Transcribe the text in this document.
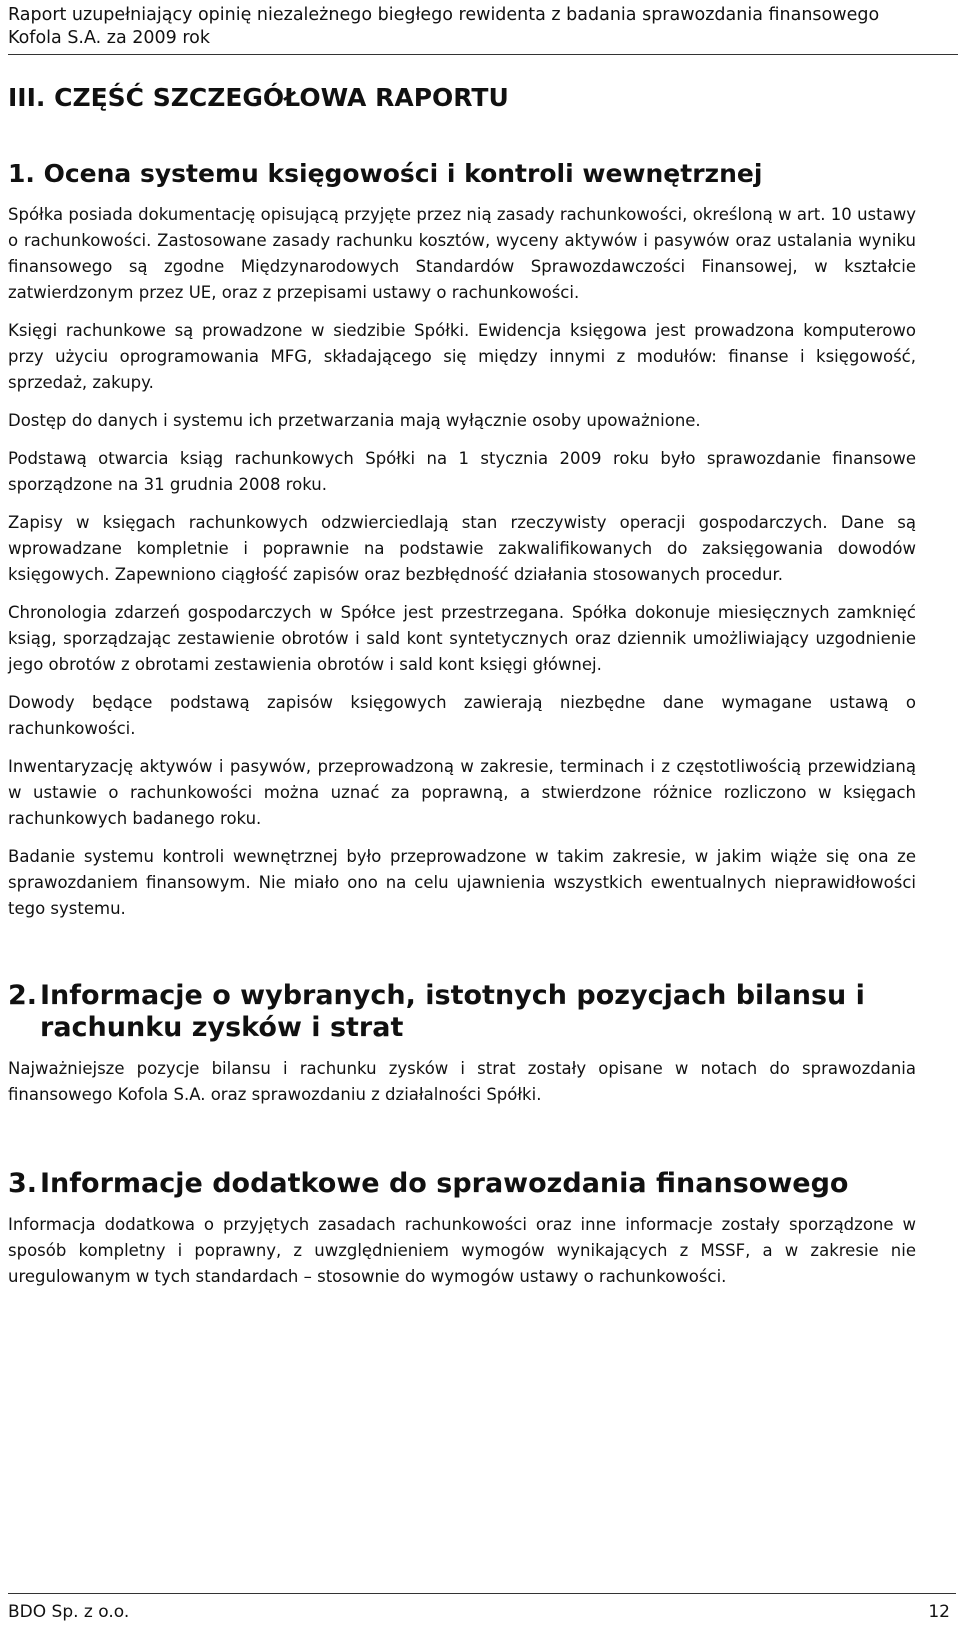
Raport uzupełniający opinię niezależnego biegłego rewidenta z badania sprawozdania finansowego
Kofola S.A. za 2009 rok
III. CZĘŚĆ SZCZEGÓŁOWA RAPORTU
1. Ocena systemu księgowości i kontroli wewnętrznej

Spółka posiada dokumentację opisującą przyjęte przez nią zasady rachunkowości, określoną w art. 10 ustawy o rachunkowości. Zastosowane zasady rachunku kosztów, wyceny aktywów i pasywów oraz ustalania wyniku finansowego są zgodne Międzynarodowych Standardów Sprawozdawczości Finansowej, w kształcie zatwierdzonym przez UE, oraz z przepisami ustawy o rachunkowości.

Księgi rachunkowe są prowadzone w siedzibie Spółki. Ewidencja księgowa jest prowadzona komputerowo przy użyciu oprogramowania MFG, składającego się między innymi z modułów: finanse i księgowość, sprzedaż, zakupy.

Dostęp do danych i systemu ich przetwarzania mają wyłącznie osoby upoważnione.

Podstawą otwarcia ksiąg rachunkowych Spółki na 1 stycznia 2009 roku było sprawozdanie finansowe sporządzone na 31 grudnia 2008 roku.

Zapisy w księgach rachunkowych odzwierciedlają stan rzeczywisty operacji gospodarczych. Dane są wprowadzane kompletnie i poprawnie na podstawie zakwalifikowanych do zaksięgowania dowodów księgowych. Zapewniono ciągłość zapisów oraz bezbłędność działania stosowanych procedur.

Chronologia zdarzeń gospodarczych w Spółce jest przestrzegana. Spółka dokonuje miesięcznych zamknięć ksiąg, sporządzając zestawienie obrotów i sald kont syntetycznych oraz dziennik umożliwiający uzgodnienie jego obrotów z obrotami zestawienia obrotów i sald kont księgi głównej.

Dowody będące podstawą zapisów księgowych zawierają niezbędne dane wymagane ustawą o rachunkowości.

Inwentaryzację aktywów i pasywów, przeprowadzoną w zakresie, terminach i z częstotliwością przewidzianą w ustawie o rachunkowości można uznać za poprawną, a stwierdzone różnice rozliczono w księgach rachunkowych badanego roku.

Badanie systemu kontroli wewnętrznej było przeprowadzone w takim zakresie, w jakim wiąże się ona ze sprawozdaniem finansowym. Nie miało ono na celu ujawnienia wszystkich ewentualnych nieprawidłowości tego systemu.

2. Informacje o wybranych, istotnych pozycjach bilansu i rachunku zysków i strat

Najważniejsze pozycje bilansu i rachunku zysków i strat zostały opisane w notach do sprawozdania finansowego Kofola S.A. oraz sprawozdaniu z działalności Spółki.

3. Informacje dodatkowe do sprawozdania finansowego

Informacja dodatkowa o przyjętych zasadach rachunkowości oraz inne informacje zostały sporządzone w sposób kompletny i poprawny, z uwzględnieniem wymogów wynikających z MSSF, a w zakresie nie uregulowanym w tych standardach – stosownie do wymogów ustawy o rachunkowości.

BDO Sp. z o.o.	12
